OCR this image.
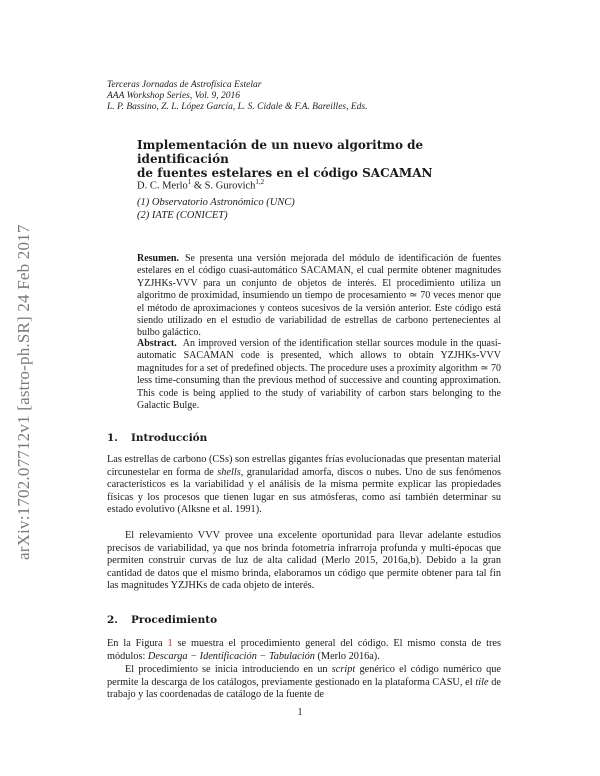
arXiv:1702.07712v1 [astro-ph.SR] 24 Feb 2017
Terceras Jornadas de Astrofísica Estelar
AAA Workshop Series, Vol. 9, 2016
L. P. Bassino, Z. L. López García, L. S. Cidale & F.A. Bareilles, Eds.
Implementación de un nuevo algoritmo de identificación
de fuentes estelares en el código SACAMAN
D. C. Merlo$^1$ & S. Gurovich$^{1,2}$
(1) Observatorio Astronómico (UNC)
(2) IATE (CONICET)
Resumen. Se presenta una versión mejorada del módulo de identificación de fuentes estelares en el código cuasi-automático SACAMAN, el cual permite obtener magnitudes YZJHKs-VVV para un conjunto de objetos de interés. El procedimiento utiliza un algoritmo de proximidad, insumiendo un tiempo de procesamiento ≃ 70 veces menor que el método de aproximaciones y conteos sucesivos de la versión anterior. Este código está siendo utilizado en el estudio de variabilidad de estrellas de carbono pertenecientes al bulbo galáctico.
Abstract. An improved version of the identification stellar sources module in the quasi-automatic SACAMAN code is presented, which allows to obtain YZJHKs-VVV magnitudes for a set of predefined objects. The procedure uses a proximity algorithm ≃ 70 less time-consuming than the previous method of successive and counting approximation. This code is being applied to the study of variability of carbon stars belonging to the Galactic Bulge.
1. Introducción
Las estrellas de carbono (CSs) son estrellas gigantes frías evolucionadas que presentan material circunestelar en forma de shells, granularidad amorfa, discos o nubes. Uno de sus fenómenos característicos es la variabilidad y el análisis de la misma permite explicar las propiedades físicas y los procesos que tienen lugar en sus atmósferas, como así también determinar su estado evolutivo (Alksne et al. 1991).
El relevamiento VVV provee una excelente oportunidad para llevar adelante estudios precisos de variabilidad, ya que nos brinda fotometría infrarroja profunda y multi-épocas que permiten construir curvas de luz de alta calidad (Merlo 2015, 2016a,b). Debido a la gran cantidad de datos que el mismo brinda, elaboramos un código que permite obtener para tal fin las magnitudes YZJHKs de cada objeto de interés.
2. Procedimiento
En la Figura 1 se muestra el procedimiento general del código. El mismo consta de tres módulos: Descarga − Identificación − Tabulación (Merlo 2016a).
El procedimiento se inicia introduciendo en un script genérico el código numérico que permite la descarga de los catálogos, previamente gestionado en la plataforma CASU, el tile de trabajo y las coordenadas de catálogo de la fuente de
1
